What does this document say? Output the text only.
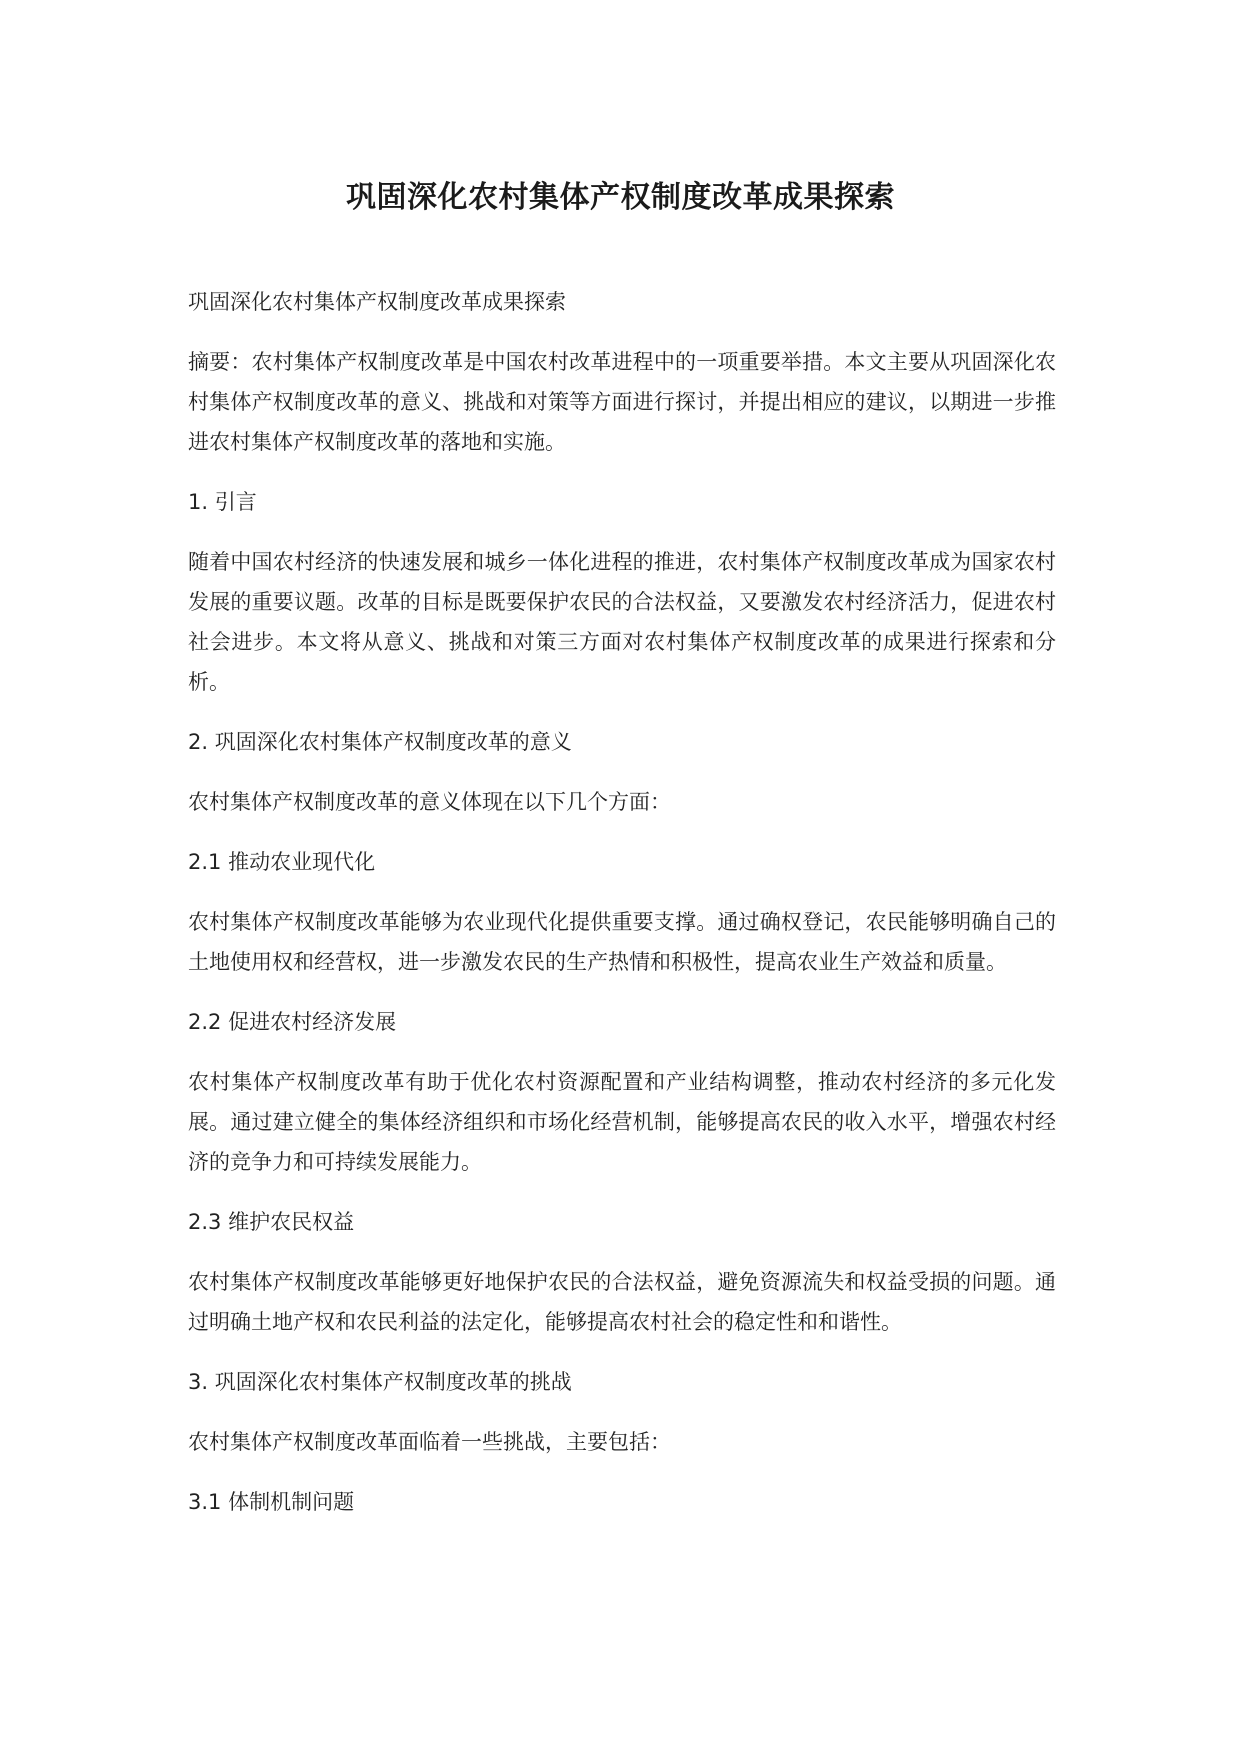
巩固深化农村集体产权制度改革成果探索

巩固深化农村集体产权制度改革成果探索

摘要：农村集体产权制度改革是中国农村改革进程中的一项重要举措。本文主要从巩固深化农村集体产权制度改革的意义、挑战和对策等方面进行探讨，并提出相应的建议，以期进一步推进农村集体产权制度改革的落地和实施。

1. 引言

随着中国农村经济的快速发展和城乡一体化进程的推进，农村集体产权制度改革成为国家农村发展的重要议题。改革的目标是既要保护农民的合法权益，又要激发农村经济活力，促进农村社会进步。本文将从意义、挑战和对策三方面对农村集体产权制度改革的成果进行探索和分析。

2. 巩固深化农村集体产权制度改革的意义

农村集体产权制度改革的意义体现在以下几个方面：

2.1 推动农业现代化

农村集体产权制度改革能够为农业现代化提供重要支撑。通过确权登记，农民能够明确自己的土地使用权和经营权，进一步激发农民的生产热情和积极性，提高农业生产效益和质量。

2.2 促进农村经济发展

农村集体产权制度改革有助于优化农村资源配置和产业结构调整，推动农村经济的多元化发展。通过建立健全的集体经济组织和市场化经营机制，能够提高农民的收入水平，增强农村经济的竞争力和可持续发展能力。

2.3 维护农民权益

农村集体产权制度改革能够更好地保护农民的合法权益，避免资源流失和权益受损的问题。通过明确土地产权和农民利益的法定化，能够提高农村社会的稳定性和和谐性。

3. 巩固深化农村集体产权制度改革的挑战

农村集体产权制度改革面临着一些挑战，主要包括：

3.1 体制机制问题
